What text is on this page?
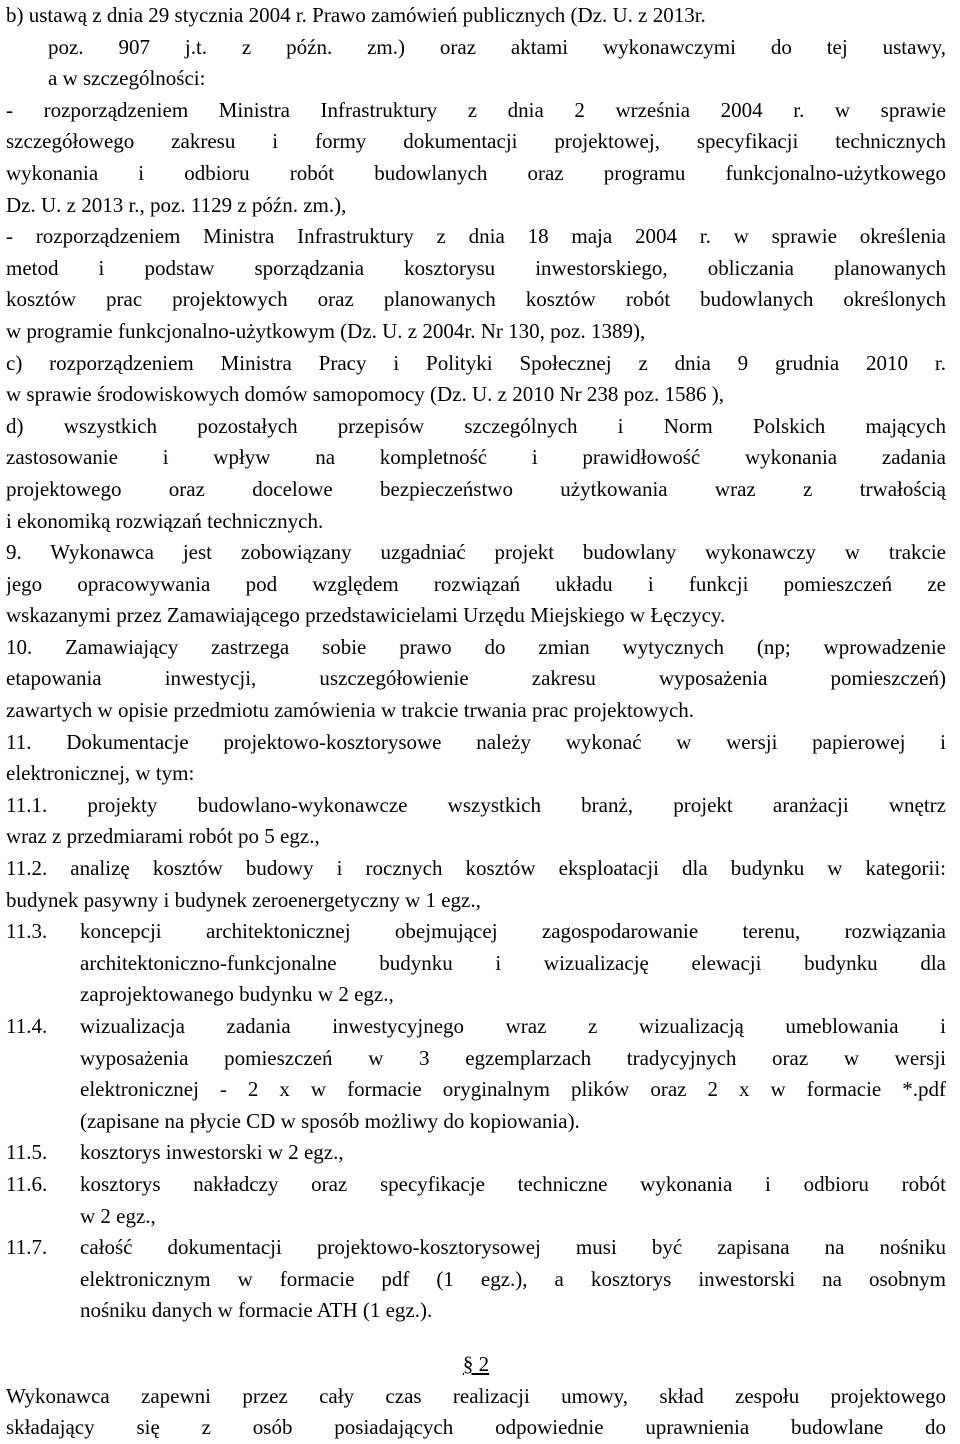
b) ustawą z dnia 29 stycznia 2004 r. Prawo zamówień publicznych (Dz. U. z 2013r.
poz. 907 j.t. z późn. zm.) oraz aktami wykonawczymi do tej ustawy,
a w szczególności:
- rozporządzeniem Ministra Infrastruktury z dnia 2 września 2004 r. w sprawie
szczegółowego zakresu i formy dokumentacji projektowej, specyfikacji technicznych
wykonania i odbioru robót budowlanych oraz programu funkcjonalno-użytkowego
Dz. U. z 2013 r., poz. 1129 z późn. zm.),
- rozporządzeniem Ministra Infrastruktury z dnia 18 maja 2004 r. w sprawie określenia
metod i podstaw sporządzania kosztorysu inwestorskiego, obliczania planowanych
kosztów prac projektowych oraz planowanych kosztów robót budowlanych określonych
w programie funkcjonalno-użytkowym (Dz. U. z 2004r. Nr 130, poz. 1389),
c) rozporządzeniem Ministra Pracy i Polityki Społecznej z dnia 9 grudnia 2010 r.
w sprawie środowiskowych domów samopomocy (Dz. U. z 2010 Nr 238 poz. 1586 ),
d) wszystkich pozostałych przepisów szczególnych i Norm Polskich mających
zastosowanie i wpływ na kompletność i prawidłowość wykonania zadania
projektowego oraz docelowe bezpieczeństwo użytkowania wraz z trwałością
i ekonomiką rozwiązań technicznych.
9. Wykonawca jest zobowiązany uzgadniać projekt budowlany wykonawczy w trakcie
jego opracowywania pod względem rozwiązań układu i funkcji pomieszczeń ze
wskazanymi przez Zamawiającego przedstawicielami Urzędu Miejskiego w Łęczycy.
10. Zamawiający zastrzega sobie prawo do zmian wytycznych (np; wprowadzenie
etapowania inwestycji, uszczegółowienie zakresu wyposażenia pomieszczeń)
zawartych w opisie przedmiotu zamówienia w trakcie trwania prac projektowych.
11. Dokumentacje projektowo-kosztorysowe należy wykonać w wersji papierowej i
elektronicznej, w tym:
11.1. projekty budowlano-wykonawcze wszystkich branż, projekt aranżacji wnętrz
wraz z przedmiarami robót po 5 egz.,
11.2. analizę kosztów budowy i rocznych kosztów eksploatacji dla budynku w kategorii:
budynek pasywny i budynek zeroenergetyczny w 1 egz.,
11.3.	koncepcji architektonicznej obejmującej zagospodarowanie terenu, rozwiązania
architektoniczno-funkcjonalne budynku i wizualizację elewacji budynku dla
zaprojektowanego budynku w 2 egz.,
11.4.	wizualizacja zadania inwestycyjnego wraz z wizualizacją umeblowania i
wyposażenia pomieszczeń w 3 egzemplarzach tradycyjnych oraz w wersji
elektronicznej - 2 x w formacie oryginalnym plików oraz 2 x w formacie *.pdf
(zapisane na płycie CD w sposób możliwy do kopiowania).
11.5.	kosztorys inwestorski w 2 egz.,
11.6.	kosztorys nakładczy oraz specyfikacje techniczne wykonania i odbioru robót
w 2 egz.,
11.7.	całość dokumentacji projektowo-kosztorysowej musi być zapisana na nośniku
elektronicznym w formacie pdf (1 egz.), a kosztorys inwestorski na osobnym
nośniku danych w formacie ATH (1 egz.).
§ 2
Wykonawca zapewni przez cały czas realizacji umowy, skład zespołu projektowego
składający się z osób posiadających odpowiednie uprawnienia budowlane do
